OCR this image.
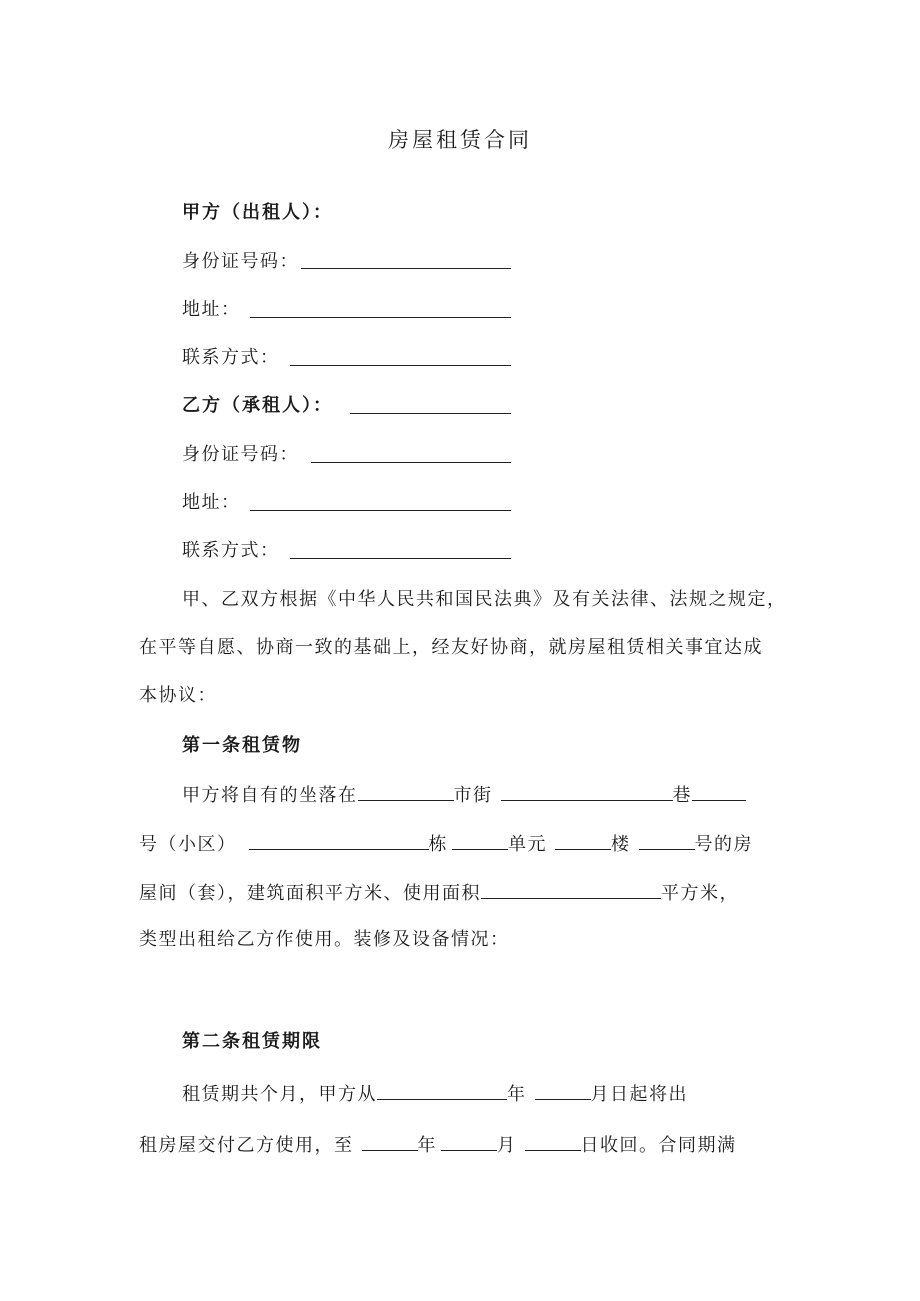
房屋租赁合同
甲方（出租人）：
身份证号码：
地址：
联系方式：
乙方（承租人）：
身份证号码：
地址：
联系方式：
甲、乙双方根据《中华人民共和国民法典》及有关法律、法规之规定，
在平等自愿、协商一致的基础上，经友好协商，就房屋租赁相关事宜达成
本协议：
第一条租赁物
甲方将自有的坐落在	市街	巷
号（小区）	栋	单元	楼	号的房
屋间（套），建筑面积平方米、使用面积	平方米，
类型出租给乙方作使用。装修及设备情况：
第二条租赁期限
租赁期共个月，甲方从	年	月日起将出
租房屋交付乙方使用，至	年	月	日收回。合同期满
